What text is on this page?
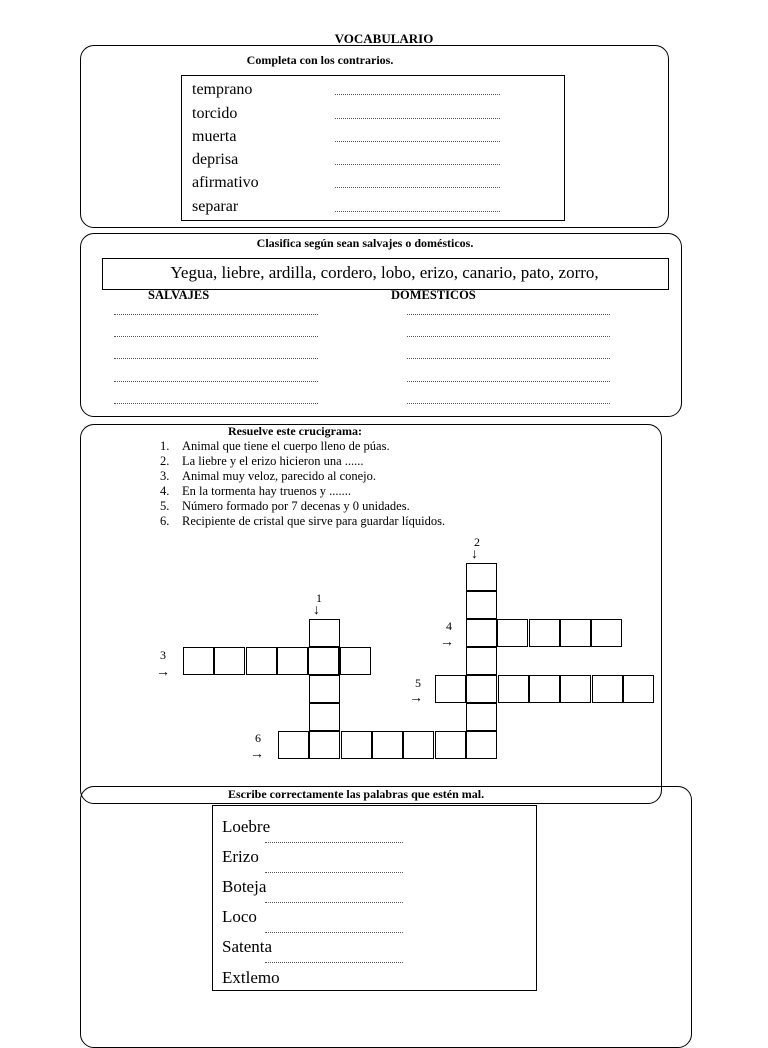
VOCABULARIO
Completa con los contrarios.
temprano
torcido
muerta
deprisa
afirmativo
separar
Clasifica según sean salvajes o domésticos.
Yegua, liebre, ardilla, cordero, lobo, erizo, canario, pato, zorro,
SALVAJES	DOMESTICOS
Resuelve este crucigrama:
1. Animal que tiene el cuerpo lleno de púas.
2. La liebre y el erizo hicieron una ......
3. Animal muy veloz, parecido al conejo.
4. En la tormenta hay truenos y .......
5. Número formado por 7 decenas y 0 unidades.
6. Recipiente de cristal que sirve para guardar líquidos.
1
↓
2
↓
3
→
4
→
5
→
6
→
Escribe correctamente las palabras que estén mal.
Loebre
Erizo
Boteja
Loco
Satenta
Extlemo
